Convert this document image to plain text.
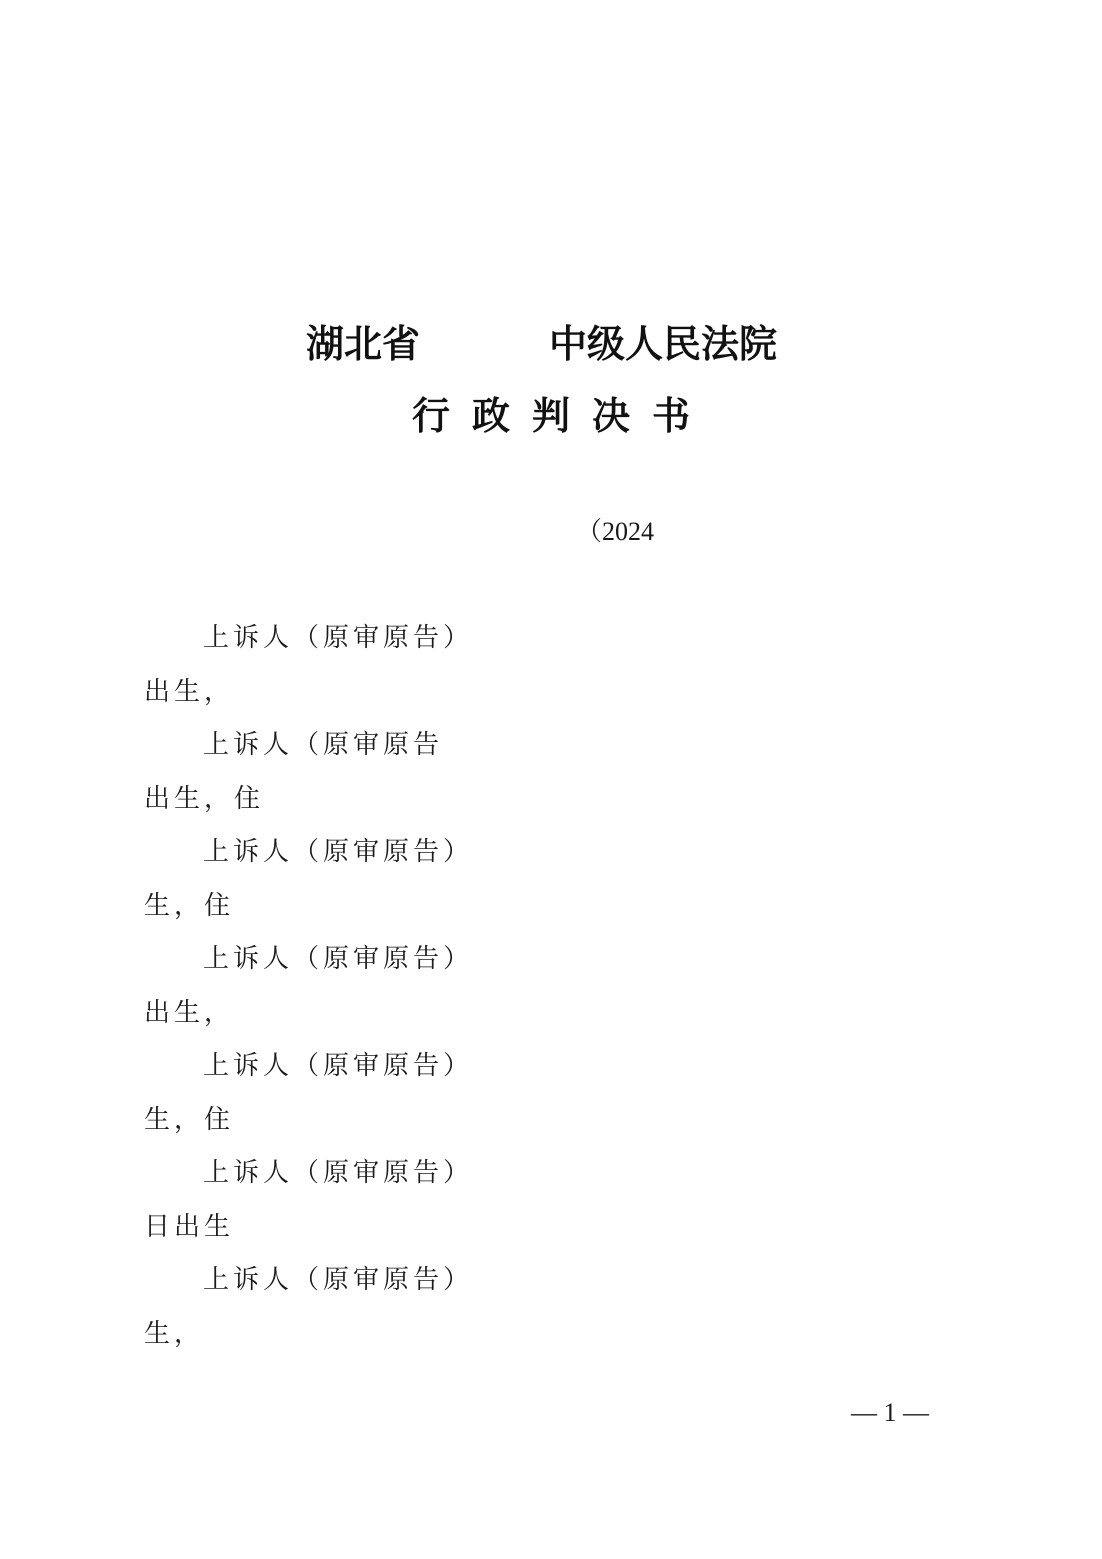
湖北省	中级人民法院
行政判决书
（2024
上诉人（原审原告）
出生，
上诉人（原审原告
出生，住
上诉人（原审原告）
生，住
上诉人（原审原告）
出生，
上诉人（原审原告）
生，住
上诉人（原审原告）
日出生
上诉人（原审原告）
生，
— 1 —
